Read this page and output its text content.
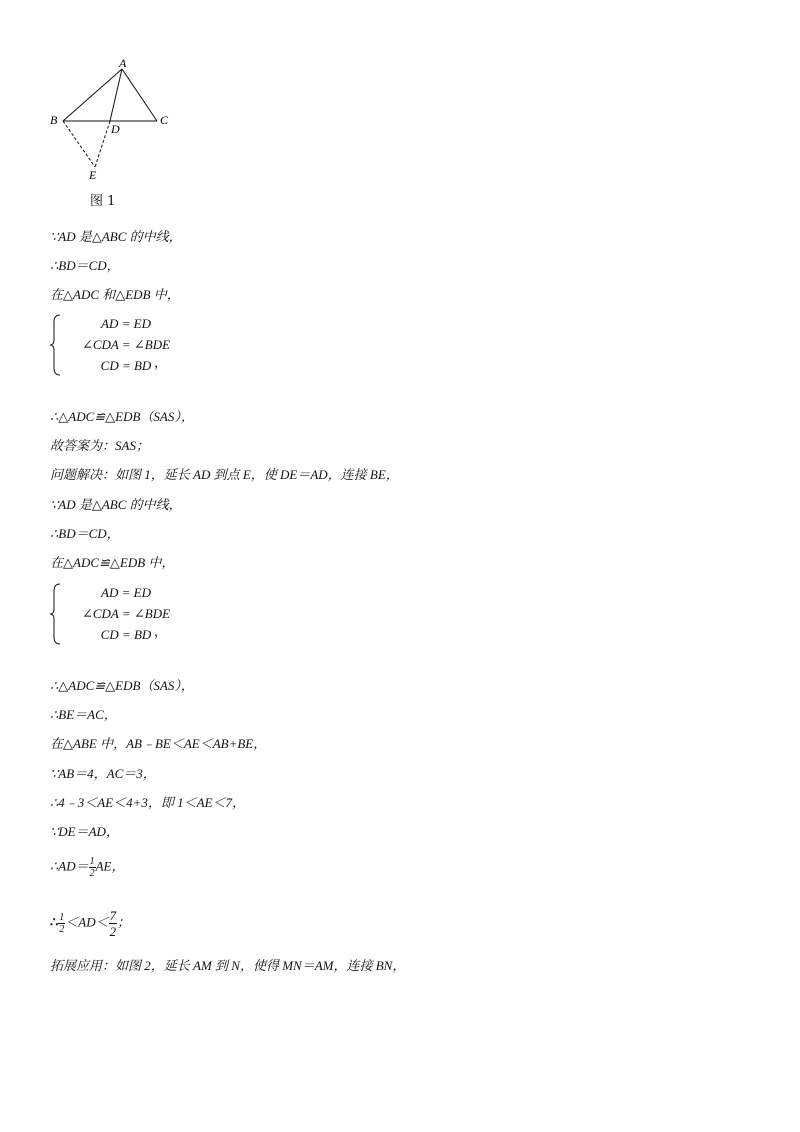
A
B	C
D
E
图 1
∵AD 是△ABC 的中线，
∴BD＝CD，
在△ADC 和△EDB 中，
AD = ED
∠CDA = ∠BDE
CD = BD ，
∴△ADC≌△EDB（SAS），
故答案为：SAS；
问题解决：如图 1，延长 AD 到点 E，使 DE＝AD，连接 BE，
∵AD 是△ABC 的中线，
∴BD＝CD，
在△ADC≌△EDB 中，
AD = ED
∠CDA = ∠BDE
CD = BD ，
∴△ADC≌△EDB（SAS），
∴BE＝AC，
在△ABE 中，AB﹣BE＜AE＜AB+BE，
∵AB＝4，AC＝3，
∴4﹣3＜AE＜4+3，即 1＜AE＜7，
∵DE＝AD，
∴AD＝ $\frac{1}{2}$ AE，
∴ $\frac{1}{2} <AD< \frac{7}{2}$ ；
拓展应用：如图 2，延长 AM 到 N，使得 MN＝AM，连接 BN，
